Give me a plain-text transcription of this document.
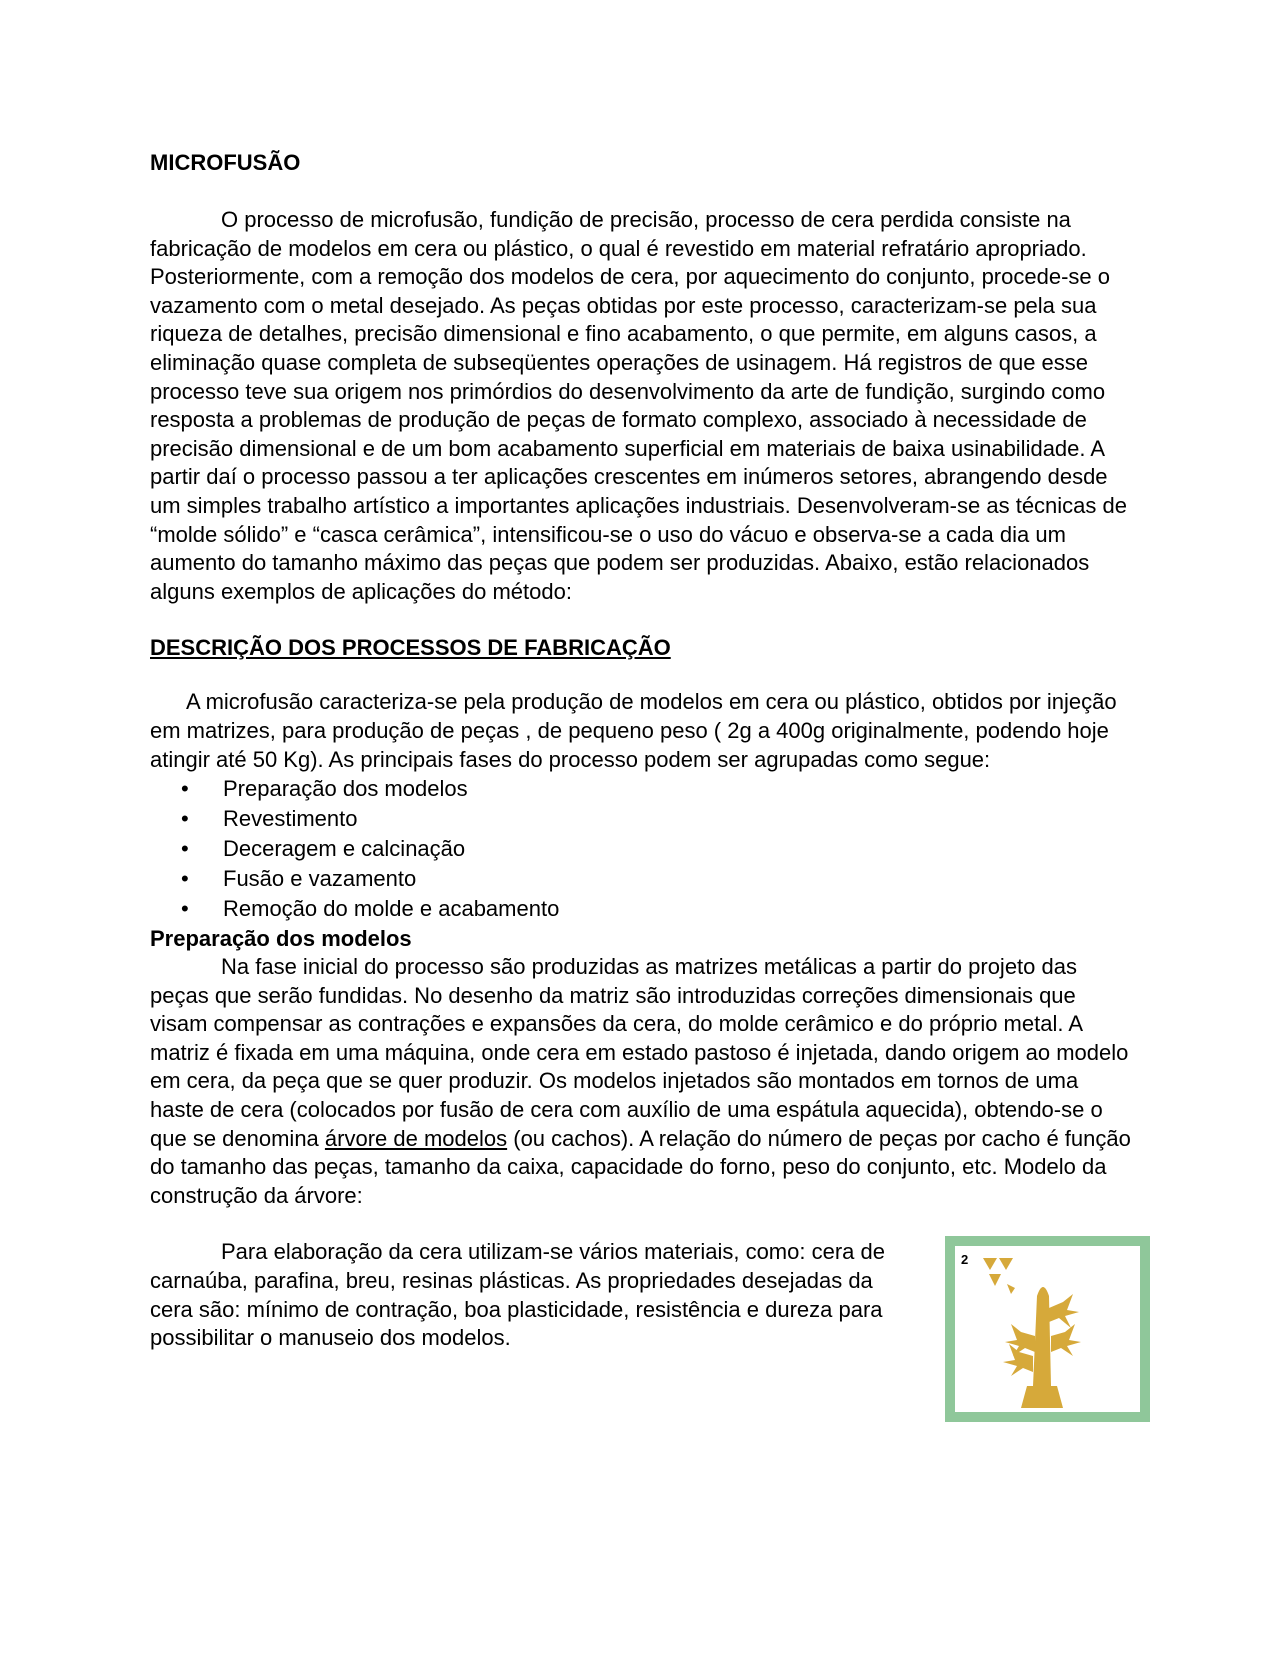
MICROFUSÃO

O processo de microfusão, fundição de precisão, processo de cera perdida consiste na fabricação de modelos em cera ou plástico, o qual é revestido em material refratário apropriado. Posteriormente, com a remoção dos modelos de cera, por aquecimento do conjunto, procede-se o vazamento com o metal desejado. As peças obtidas por este processo, caracterizam-se pela sua riqueza de detalhes, precisão dimensional e fino acabamento, o que permite, em alguns casos, a eliminação quase completa de subseqüentes operações de usinagem. Há registros de que esse processo teve sua origem nos primórdios do desenvolvimento da arte de fundição, surgindo como resposta a problemas de produção de peças de formato complexo, associado à necessidade de precisão dimensional e de um bom acabamento superficial em materiais de baixa usinabilidade. A partir daí o processo passou a ter aplicações crescentes em inúmeros setores, abrangendo desde um simples trabalho artístico a importantes aplicações industriais. Desenvolveram-se as técnicas de “molde sólido” e “casca cerâmica”, intensificou-se o uso do vácuo e observa-se a cada dia um aumento do tamanho máximo das peças que podem ser produzidas. Abaixo, estão relacionados alguns exemplos de aplicações do método:

DESCRIÇÃO DOS PROCESSOS DE FABRICAÇÃO

A microfusão caracteriza-se pela produção de modelos em cera ou plástico, obtidos por injeção em matrizes, para produção de peças , de pequeno peso ( 2g a 400g originalmente, podendo hoje atingir até 50 Kg). As principais fases do processo podem ser agrupadas como segue:

• Preparação dos modelos
• Revestimento
• Deceragem e calcinação
• Fusão e vazamento
• Remoção do molde e acabamento

Preparação dos modelos

Na fase inicial do processo são produzidas as matrizes metálicas a partir do projeto das peças que serão fundidas. No desenho da matriz são introduzidas correções dimensionais que visam compensar as contrações e expansões da cera, do molde cerâmico e do próprio metal. A matriz é fixada em uma máquina, onde cera em estado pastoso é injetada, dando origem ao modelo em cera, da peça que se quer produzir. Os modelos injetados são montados em tornos de uma haste de cera (colocados por fusão de cera com auxílio de uma espátula aquecida), obtendo-se o que se denomina árvore de modelos (ou cachos). A relação do número de peças por cacho é função do tamanho das peças, tamanho da caixa, capacidade do forno, peso do conjunto, etc. Modelo da construção da árvore:

Para elaboração da cera utilizam-se vários materiais, como: cera de carnaúba, parafina, breu, resinas plásticas. As propriedades desejadas da cera são: mínimo de contração, boa plasticidade, resistência e dureza para possibilitar o manuseio dos modelos.

2
